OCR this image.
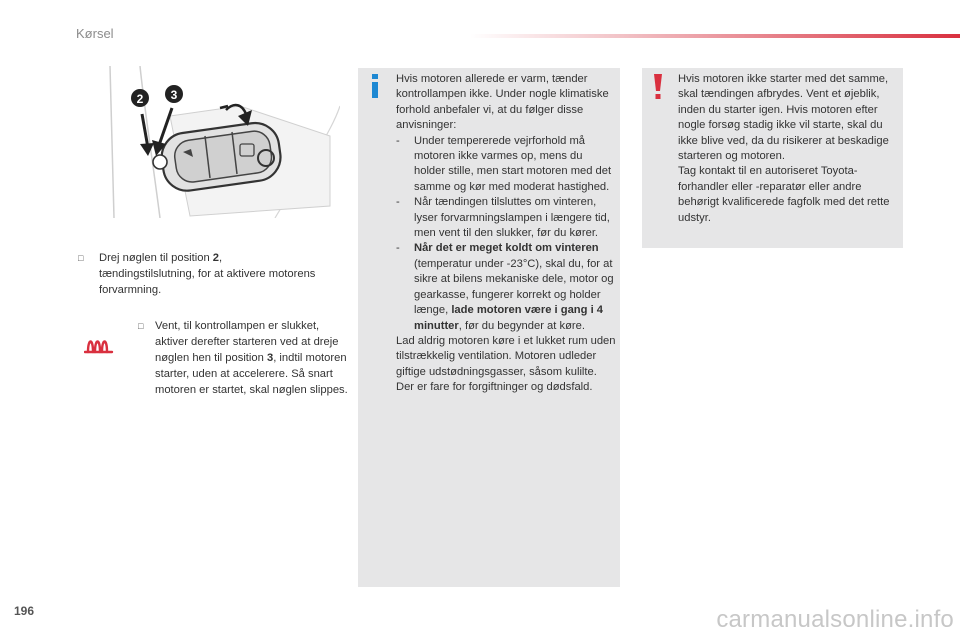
Kørsel
2 3
□	Drej nøglen til position 2, tændingstilslutning, for at aktivere motorens forvarmning.
□	Vent, til kontrollampen er slukket, aktiver derefter starteren ved at dreje nøglen hen til position 3, indtil motoren starter, uden at accelerere. Så snart motoren er startet, skal nøglen slippes.

Hvis motoren allerede er varm, tænder kontrollampen ikke. Under nogle klimatiske forhold anbefaler vi, at du følger disse anvisninger:

- Under tempererede vejrforhold må motoren ikke varmes op, mens du holder stille, men start motoren med det samme og kør med moderat hastighed.
- Når tændingen tilsluttes om vinteren, lyser forvarmningslampen i længere tid, men vent til den slukker, før du kører.
- Når det er meget koldt om vinteren (temperatur under -23°C), skal du, for at sikre at bilens mekaniske dele, motor og gearkasse, fungerer korrekt og holder længe, lade motoren være i gang i 4 minutter, før du begynder at køre.

Lad aldrig motoren køre i et lukket rum uden tilstrækkelig ventilation. Motoren udleder giftige udstødningsgasser, såsom kulilte. Der er fare for forgiftninger og dødsfald.

Hvis motoren ikke starter med det samme, skal tændingen afbrydes. Vent et øjeblik, inden du starter igen. Hvis motoren efter nogle forsøg stadig ikke vil starte, skal du ikke blive ved, da du risikerer at beskadige starteren og motoren.

Tag kontakt til en autoriseret Toyota-forhandler eller -reparatør eller andre behørigt kvalificerede fagfolk med det rette udstyr.

196	carmanualsonline.info
